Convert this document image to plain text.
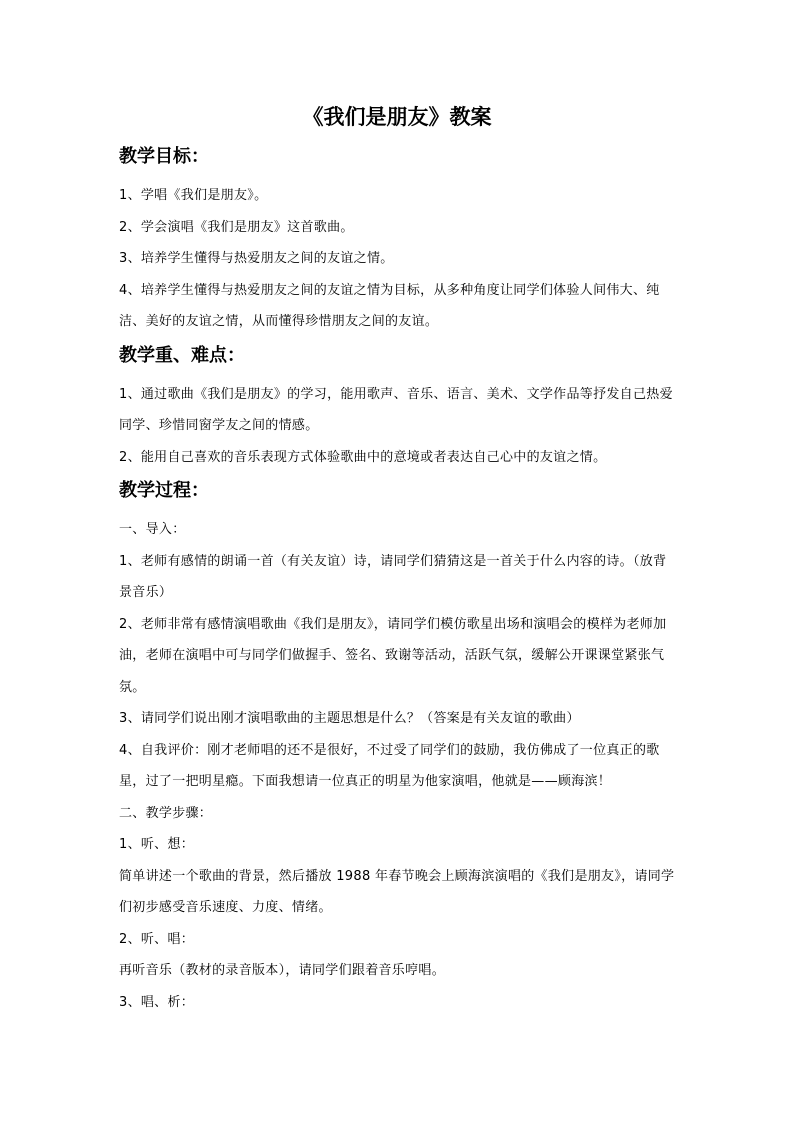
《我们是朋友》教案
教学目标：

1、学唱《我们是朋友》。

2、学会演唱《我们是朋友》这首歌曲。

3、培养学生懂得与热爱朋友之间的友谊之情。

4、培养学生懂得与热爱朋友之间的友谊之情为目标，从多种角度让同学们体验人间伟大、纯洁、美好的友谊之情，从而懂得珍惜朋友之间的友谊。

教学重、难点：

1、通过歌曲《我们是朋友》的学习，能用歌声、音乐、语言、美术、文学作品等抒发自己热爱同学、珍惜同窗学友之间的情感。

2、能用自己喜欢的音乐表现方式体验歌曲中的意境或者表达自己心中的友谊之情。

教学过程：

一、导入：

1、老师有感情的朗诵一首（有关友谊）诗，请同学们猜猜这是一首关于什么内容的诗。（放背景音乐）

2、老师非常有感情演唱歌曲《我们是朋友》，请同学们模仿歌星出场和演唱会的模样为老师加油，老师在演唱中可与同学们做握手、签名、致谢等活动，活跃气氛，缓解公开课课堂紧张气氛。

3、请同学们说出刚才演唱歌曲的主题思想是什么？（答案是有关友谊的歌曲）

4、自我评价：刚才老师唱的还不是很好，不过受了同学们的鼓励，我仿佛成了一位真正的歌星，过了一把明星瘾。下面我想请一位真正的明星为他家演唱，他就是——顾海滨！

二、教学步骤：

1、听、想：

简单讲述一个歌曲的背景，然后播放 1988 年春节晚会上顾海滨演唱的《我们是朋友》，请同学们初步感受音乐速度、力度、情绪。

2、听、唱：

再听音乐（教材的录音版本），请同学们跟着音乐哼唱。

3、唱、析：
